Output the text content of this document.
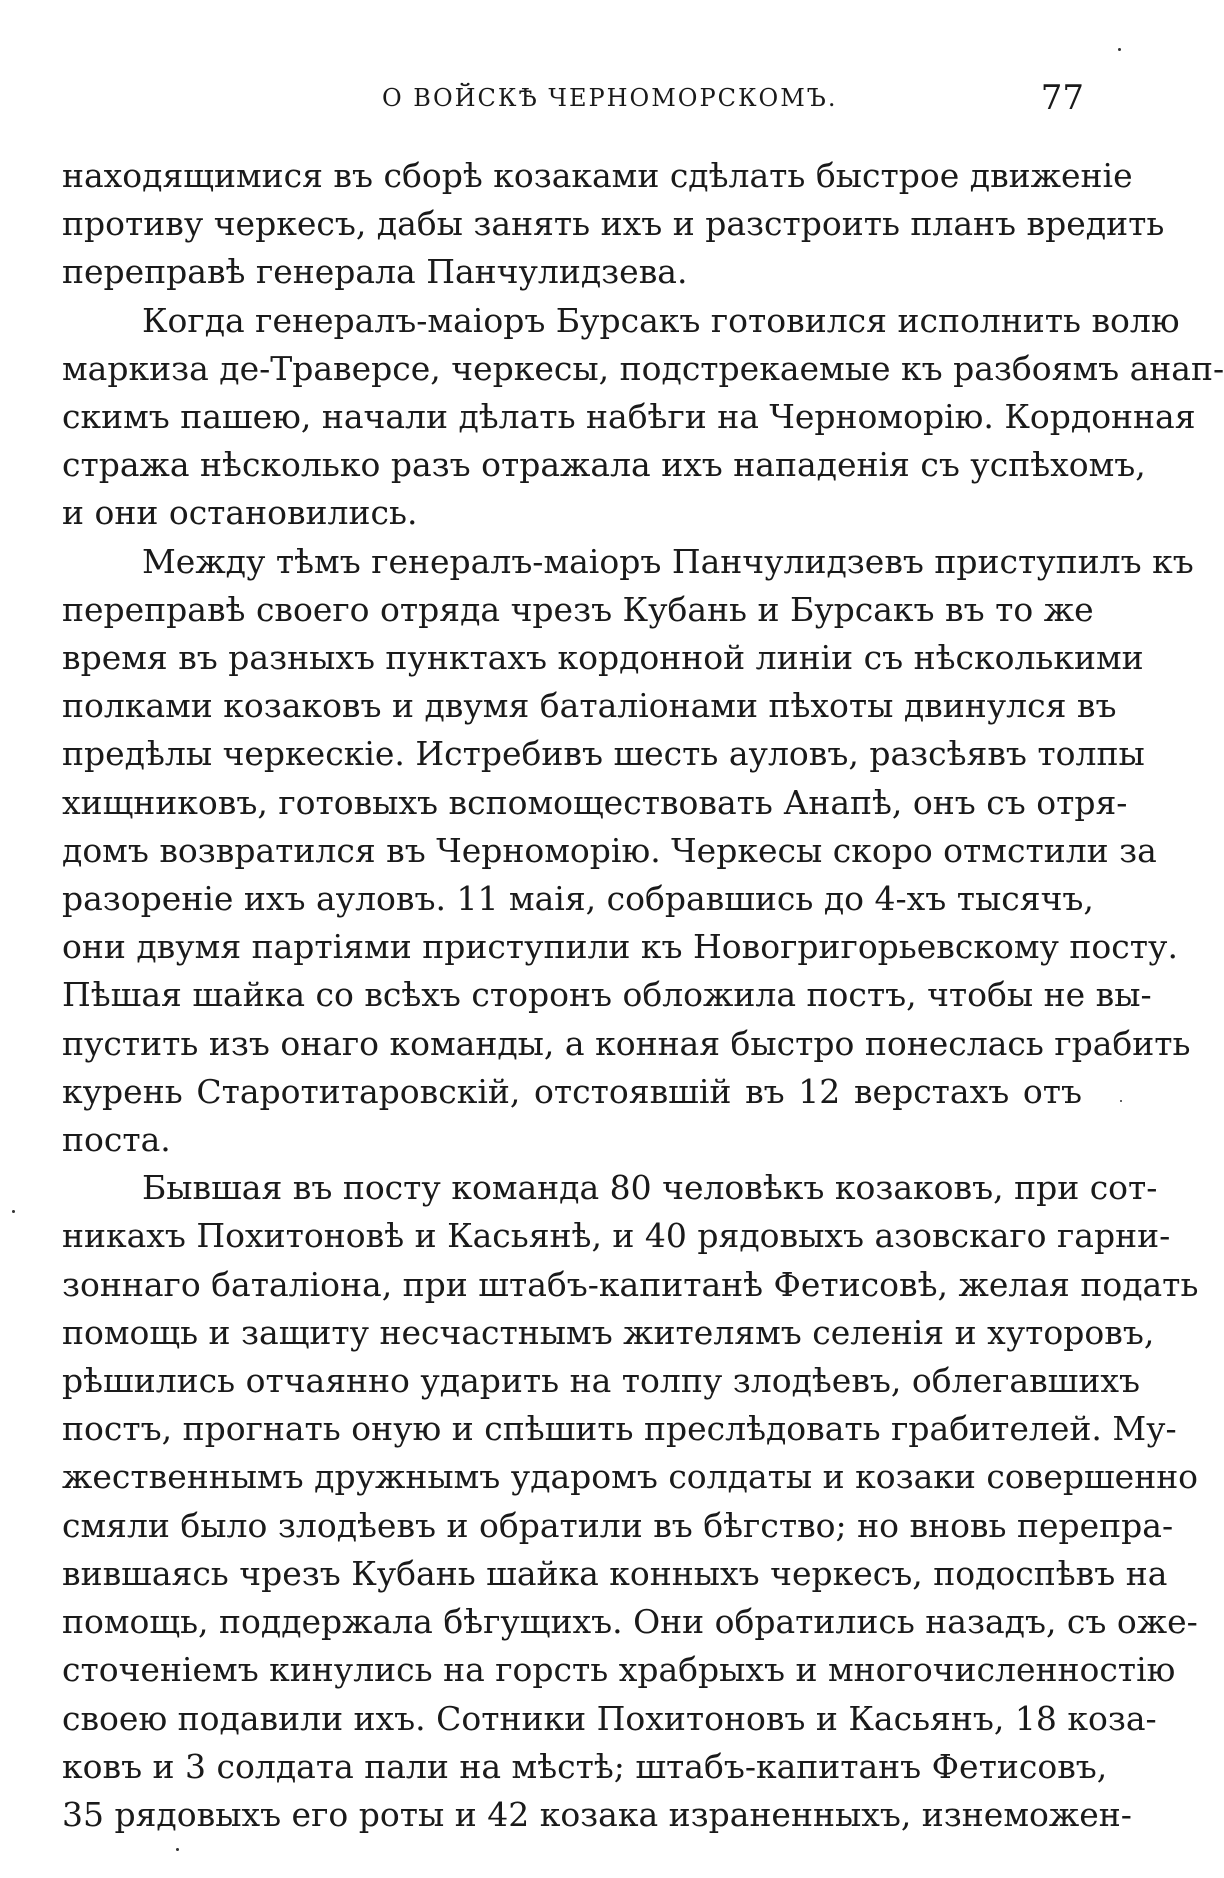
О ВОЙСКѢ ЧЕРНОМОРСКОМЪ.	77

находящимися въ сборѣ козаками сдѣлать быстрое движеніе
противу черкесъ, дабы занять ихъ и разстроить планъ вредить
переправѣ генерала Панчулидзева.

Когда генералъ-маіоръ Бурсакъ готовился исполнить волю
маркиза де-Траверсе, черкесы, подстрекаемые къ разбоямъ анап-
скимъ пашею, начали дѣлать набѣги на Черноморію. Кордонная
стража нѣсколько разъ отражала ихъ нападенія съ успѣхомъ,
и они остановились.

Между тѣмъ генералъ-маіоръ Панчулидзевъ приступилъ къ
переправѣ своего отряда чрезъ Кубань и Бурсакъ въ то же
время въ разныхъ пунктахъ кордонной линіи съ нѣсколькими
полками козаковъ и двумя баталіонами пѣхоты двинулся въ
предѣлы черкескіе. Истребивъ шесть ауловъ, разсѣявъ толпы
хищниковъ, готовыхъ вспомоществовать Анапѣ, онъ съ отря-
домъ возвратился въ Черноморію. Черкесы скоро отмстили за
разореніе ихъ ауловъ. 11 маія, собравшись до 4-хъ тысячъ,
они двумя партіями приступили къ Новогригорьевскому посту.
Пѣшая шайка со всѣхъ сторонъ обложила постъ, чтобы не вы-
пустить изъ онаго команды, а конная быстро понеслась грабить
курень Старотитаровскій, отстоявшій въ 12 верстахъ отъ
поста.

Бывшая въ посту команда 80 человѣкъ козаковъ, при сот-
никахъ Похитоновѣ и Касьянѣ, и 40 рядовыхъ азовскаго гарни-
зоннаго баталіона, при штабъ-капитанѣ Фетисовѣ, желая подать
помощь и защиту несчастнымъ жителямъ селенія и хуторовъ,
рѣшились отчаянно ударить на толпу злодѣевъ, облегавшихъ
постъ, прогнать оную и спѣшить преслѣдовать грабителей. Му-
жественнымъ дружнымъ ударомъ солдаты и козаки совершенно
смяли было злодѣевъ и обратили въ бѣгство; но вновь перепра-
вившаясь чрезъ Кубань шайка конныхъ черкесъ, подоспѣвъ на
помощь, поддержала бѣгущихъ. Они обратились назадъ, съ оже-
сточеніемъ кинулись на горсть храбрыхъ и многочисленностію
своею подавили ихъ. Сотники Похитоновъ и Касьянъ, 18 коза-
ковъ и 3 солдата пали на мѣстѣ; штабъ-капитанъ Фетисовъ,
35 рядовыхъ его роты и 42 козака израненныхъ, изнеможен-
